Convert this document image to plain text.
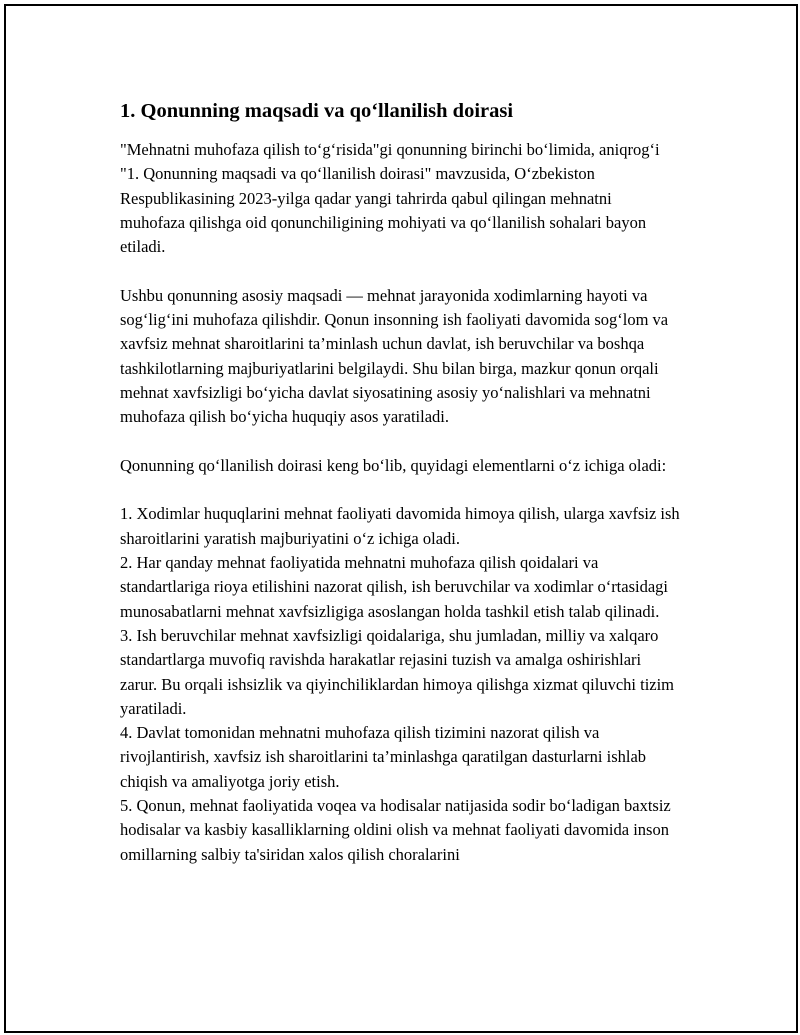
1. Qonunning maqsadi va qo‘llanilish doirasi

"Mehnatni muhofaza qilish to‘g‘risida"gi qonunning birinchi bo‘limida, aniqrog‘i "1. Qonunning maqsadi va qo‘llanilish doirasi" mavzusida, O‘zbekiston Respublikasining 2023-yilga qadar yangi tahrirda qabul qilingan mehnatni muhofaza qilishga oid qonunchiligining mohiyati va qo‘llanilish sohalari bayon etiladi.

Ushbu qonunning asosiy maqsadi — mehnat jarayonida xodimlarning hayoti va sog‘lig‘ini muhofaza qilishdir. Qonun insonning ish faoliyati davomida sog‘lom va xavfsiz mehnat sharoitlarini ta’minlash uchun davlat, ish beruvchilar va boshqa tashkilotlarning majburiyatlarini belgilaydi. Shu bilan birga, mazkur qonun orqali mehnat xavfsizligi bo‘yicha davlat siyosatining asosiy yo‘nalishlari va mehnatni muhofaza qilish bo‘yicha huquqiy asos yaratiladi.

Qonunning qo‘llanilish doirasi keng bo‘lib, quyidagi elementlarni o‘z ichiga oladi:

1. Xodimlar huquqlarini mehnat faoliyati davomida himoya qilish, ularga xavfsiz ish sharoitlarini yaratish majburiyatini o‘z ichiga oladi.

2. Har qanday mehnat faoliyatida mehnatni muhofaza qilish qoidalari va standartlariga rioya etilishini nazorat qilish, ish beruvchilar va xodimlar o‘rtasidagi munosabatlarni mehnat xavfsizligiga asoslangan holda tashkil etish talab qilinadi.

3. Ish beruvchilar mehnat xavfsizligi qoidalariga, shu jumladan, milliy va xalqaro standartlarga muvofiq ravishda harakatlar rejasini tuzish va amalga oshirishlari zarur. Bu orqali ishsizlik va qiyinchiliklardan himoya qilishga xizmat qiluvchi tizim yaratiladi.

4. Davlat tomonidan mehnatni muhofaza qilish tizimini nazorat qilish va rivojlantirish, xavfsiz ish sharoitlarini ta’minlashga qaratilgan dasturlarni ishlab chiqish va amaliyotga joriy etish.

5. Qonun, mehnat faoliyatida voqea va hodisalar natijasida sodir bo‘ladigan baxtsiz hodisalar va kasbiy kasalliklarning oldini olish va mehnat faoliyati davomida inson omillarning salbiy ta'siridan xalos qilish choralarini
